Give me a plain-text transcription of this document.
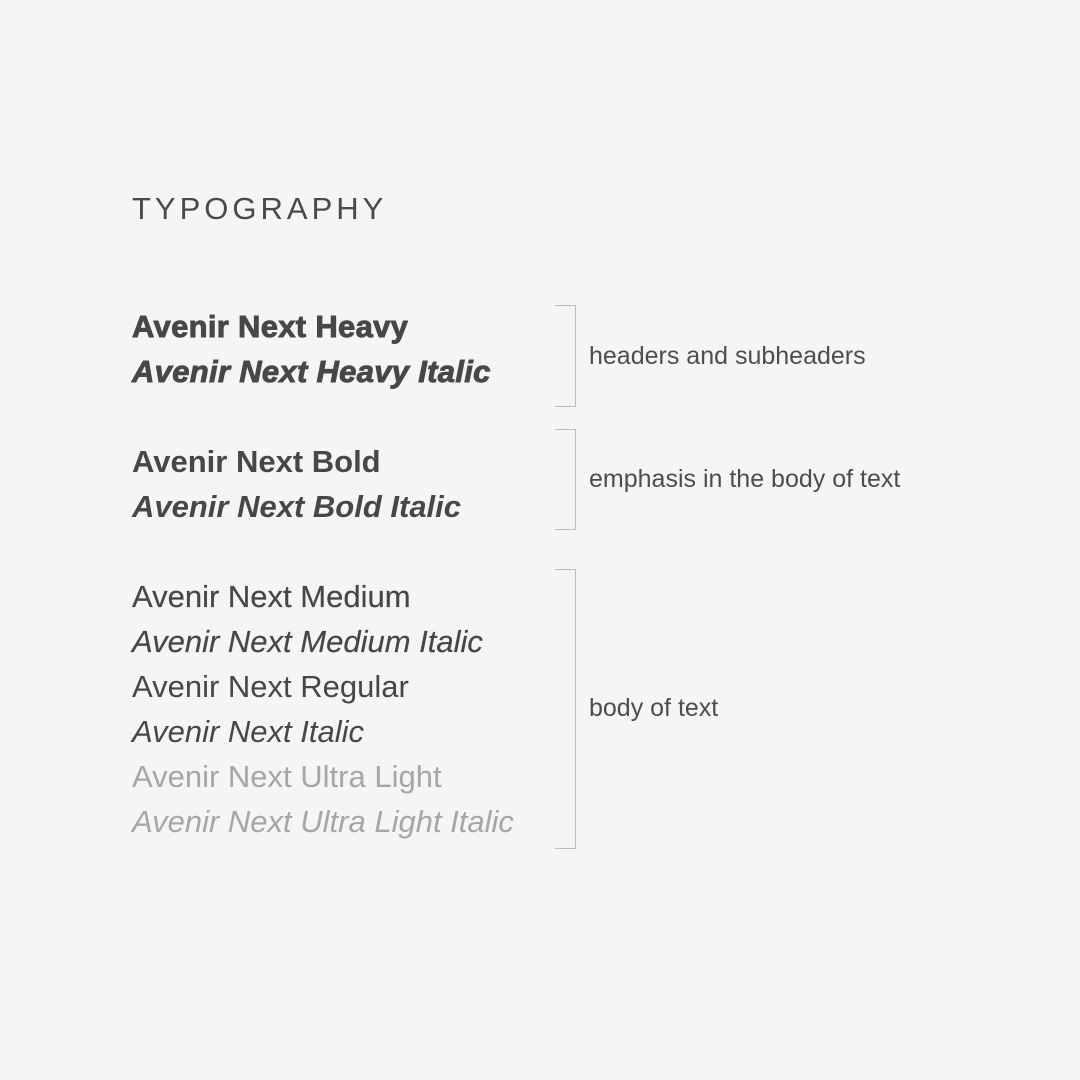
TYPOGRAPHY
Avenir Next Heavy
Avenir Next Heavy Italic	headers and subheaders
Avenir Next Bold
Avenir Next Bold Italic
emphasis in the body of text
Avenir Next Medium
Avenir Next Medium Italic
Avenir Next Regular
Avenir Next Italic
Avenir Next Ultra Light
Avenir Next Ultra Light Italic
body of text
